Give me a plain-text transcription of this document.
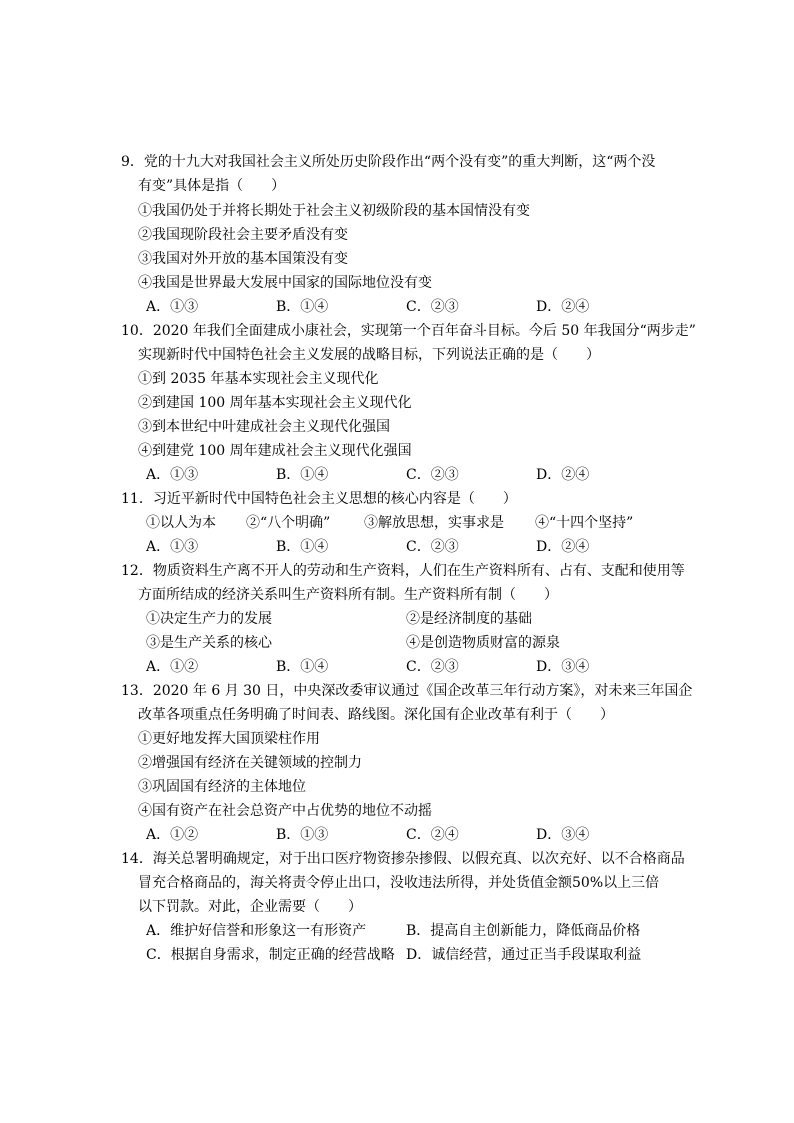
9．党的十九大对我国社会主义所处历史阶段作出“两个没有变”的重大判断，这“两个没
有变”具体是指（　　）
①我国仍处于并将长期处于社会主义初级阶段的基本国情没有变
②我国现阶段社会主要矛盾没有变
③我国对外开放的基本国策没有变
④我国是世界最大发展中国家的国际地位没有变
A．①③	B．①④	C．②③	D．②④
10．2020 年我们全面建成小康社会，实现第一个百年奋斗目标。今后 50 年我国分“两步走”
实现新时代中国特色社会主义发展的战略目标，下列说法正确的是（　　）
①到 2035 年基本实现社会主义现代化
②到建国 100 周年基本实现社会主义现代化
③到本世纪中叶建成社会主义现代化强国
④到建党 100 周年建成社会主义现代化强国
A．①③	B．①④	C．②③	D．②④
11．习近平新时代中国特色社会主义思想的核心内容是（　　）
①以人为本 ②“八个明确” ③解放思想，实事求是 ④“十四个坚持”
A．①③	B．①④	C．②③	D．②④
12．物质资料生产离不开人的劳动和生产资料，人们在生产资料所有、占有、支配和使用等
方面所结成的经济关系叫生产资料所有制。生产资料所有制（　　）
①决定生产力的发展	②是经济制度的基础
③是生产关系的核心	④是创造物质财富的源泉
A．①②	B．①④	C．②③	D．③④
13．2020 年 6 月 30 日，中央深改委审议通过《国企改革三年行动方案》，对未来三年国企
改革各项重点任务明确了时间表、路线图。深化国有企业改革有利于（　　）
①更好地发挥大国顶梁柱作用
②增强国有经济在关键领域的控制力
③巩固国有经济的主体地位
④国有资产在社会总资产中占优势的地位不动摇
A．①②	B．①③	C．②④	D．③④
14．海关总署明确规定，对于出口医疗物资掺杂掺假、以假充真、以次充好、以不合格商品
冒充合格商品的，海关将责令停止出口，没收违法所得，并处货值金额50%以上三倍
以下罚款。对此，企业需要（　　）
A．维护好信誉和形象这一有形资产	B．提高自主创新能力，降低商品价格
C．根据自身需求，制定正确的经营战略 D．诚信经营，通过正当手段谋取利益
